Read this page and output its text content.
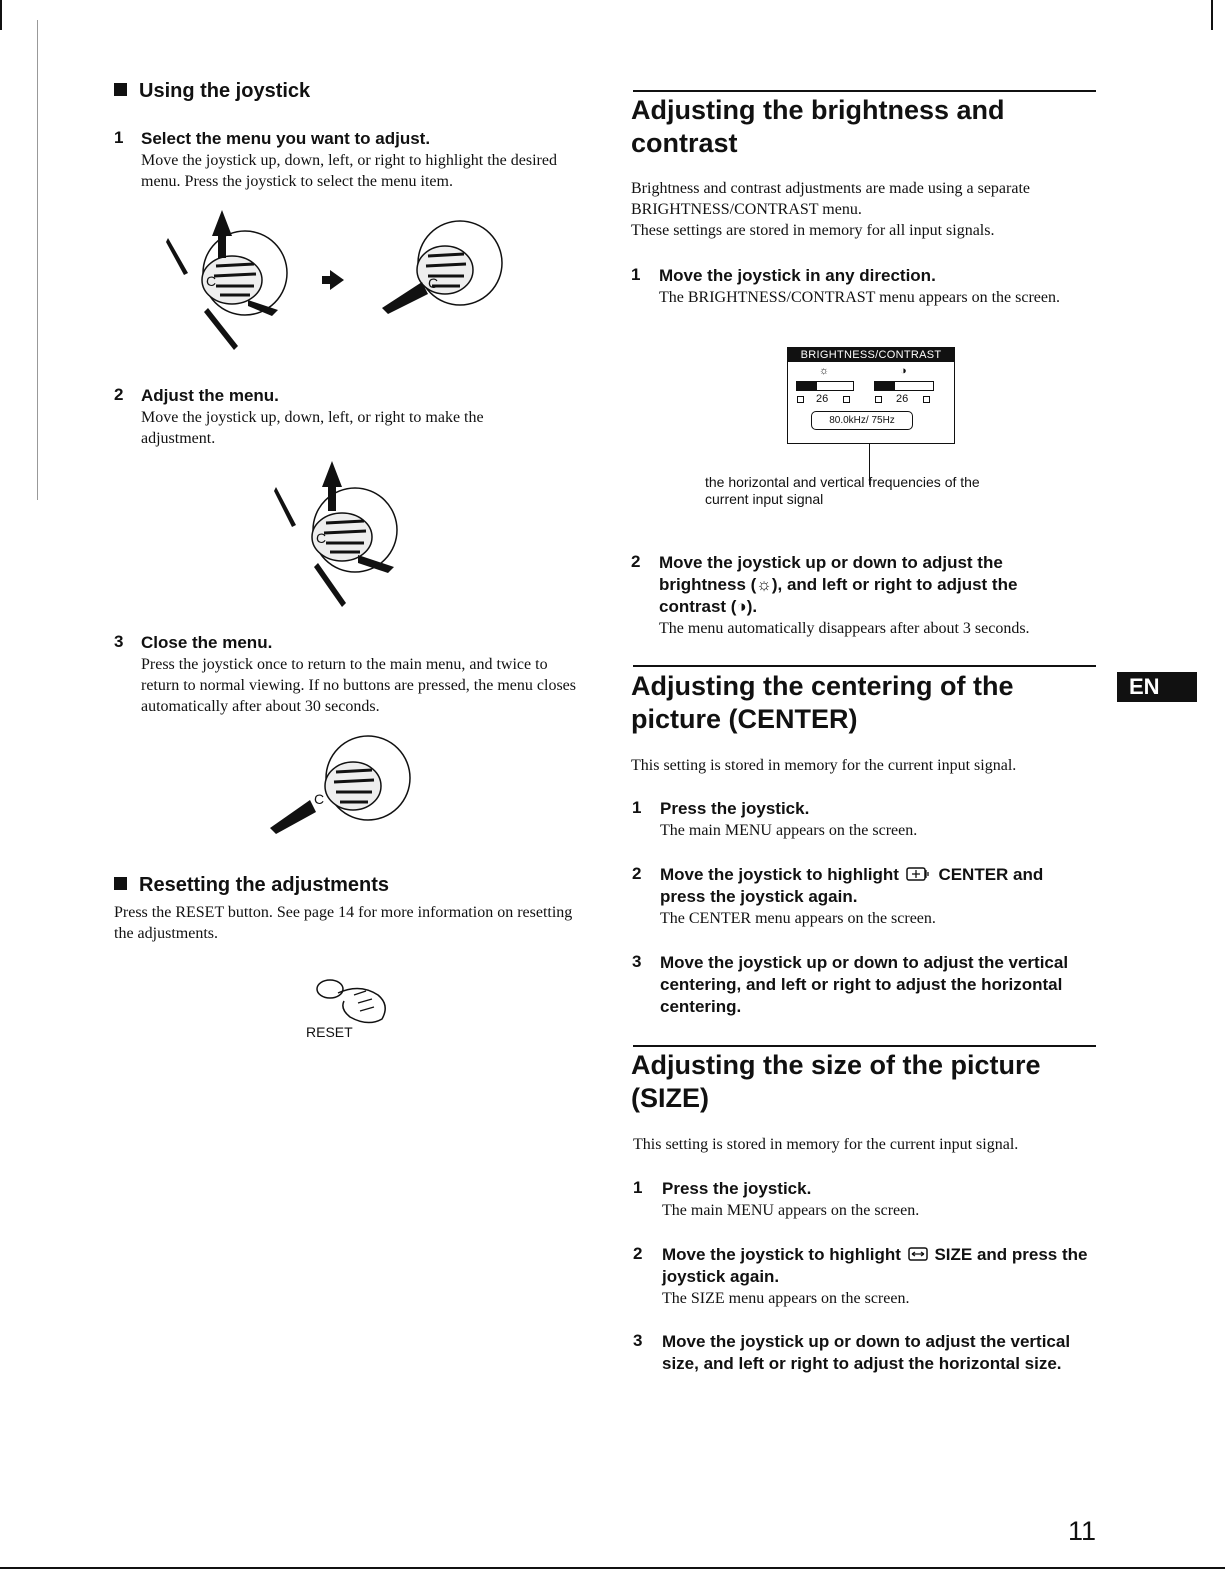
Using the joystick
1 Select the menu you want to adjust.
Move the joystick up, down, left, or right to highlight the desired menu. Press the joystick to select the menu item.
C	C
2 Adjust the menu.
Move the joystick up, down, left, or right to make the adjustment.
C
3 Close the menu.
Press the joystick once to return to the main menu, and twice to return to normal viewing. If no buttons are pressed, the menu closes automatically after about 30 seconds.
C
Resetting the adjustments
Press the RESET button. See page 14 for more information on resetting the adjustments.
RESET
Adjusting the brightness and
contrast
Brightness and contrast adjustments are made using a separate BRIGHTNESS/CONTRAST menu.
These settings are stored in memory for all input signals.
1 Move the joystick in any direction.
The BRIGHTNESS/CONTRAST menu appears on the screen.
BRIGHTNESS/CONTRAST
☼	◑
26	26
80.0kHz/ 75Hz
the horizontal and vertical frequencies of the current input signal
2 Move the joystick up or down to adjust the brightness (☼), and left or right to adjust the contrast (◑).
The menu automatically disappears after about 3 seconds.
EN
Adjusting the centering of the
picture (CENTER)
This setting is stored in memory for the current input signal.
1 Press the joystick.
The main MENU appears on the screen.
2 Move the joystick to highlight CENTER and press the joystick again.
The CENTER menu appears on the screen.
3 Move the joystick up or down to adjust the vertical centering, and left or right to adjust the horizontal centering.
Adjusting the size of the picture
(SIZE)
This setting is stored in memory for the current input signal.
1 Press the joystick.
The main MENU appears on the screen.
2 Move the joystick to highlight SIZE and press the joystick again.
The SIZE menu appears on the screen.
3 Move the joystick up or down to adjust the vertical size, and left or right to adjust the horizontal size.
11
